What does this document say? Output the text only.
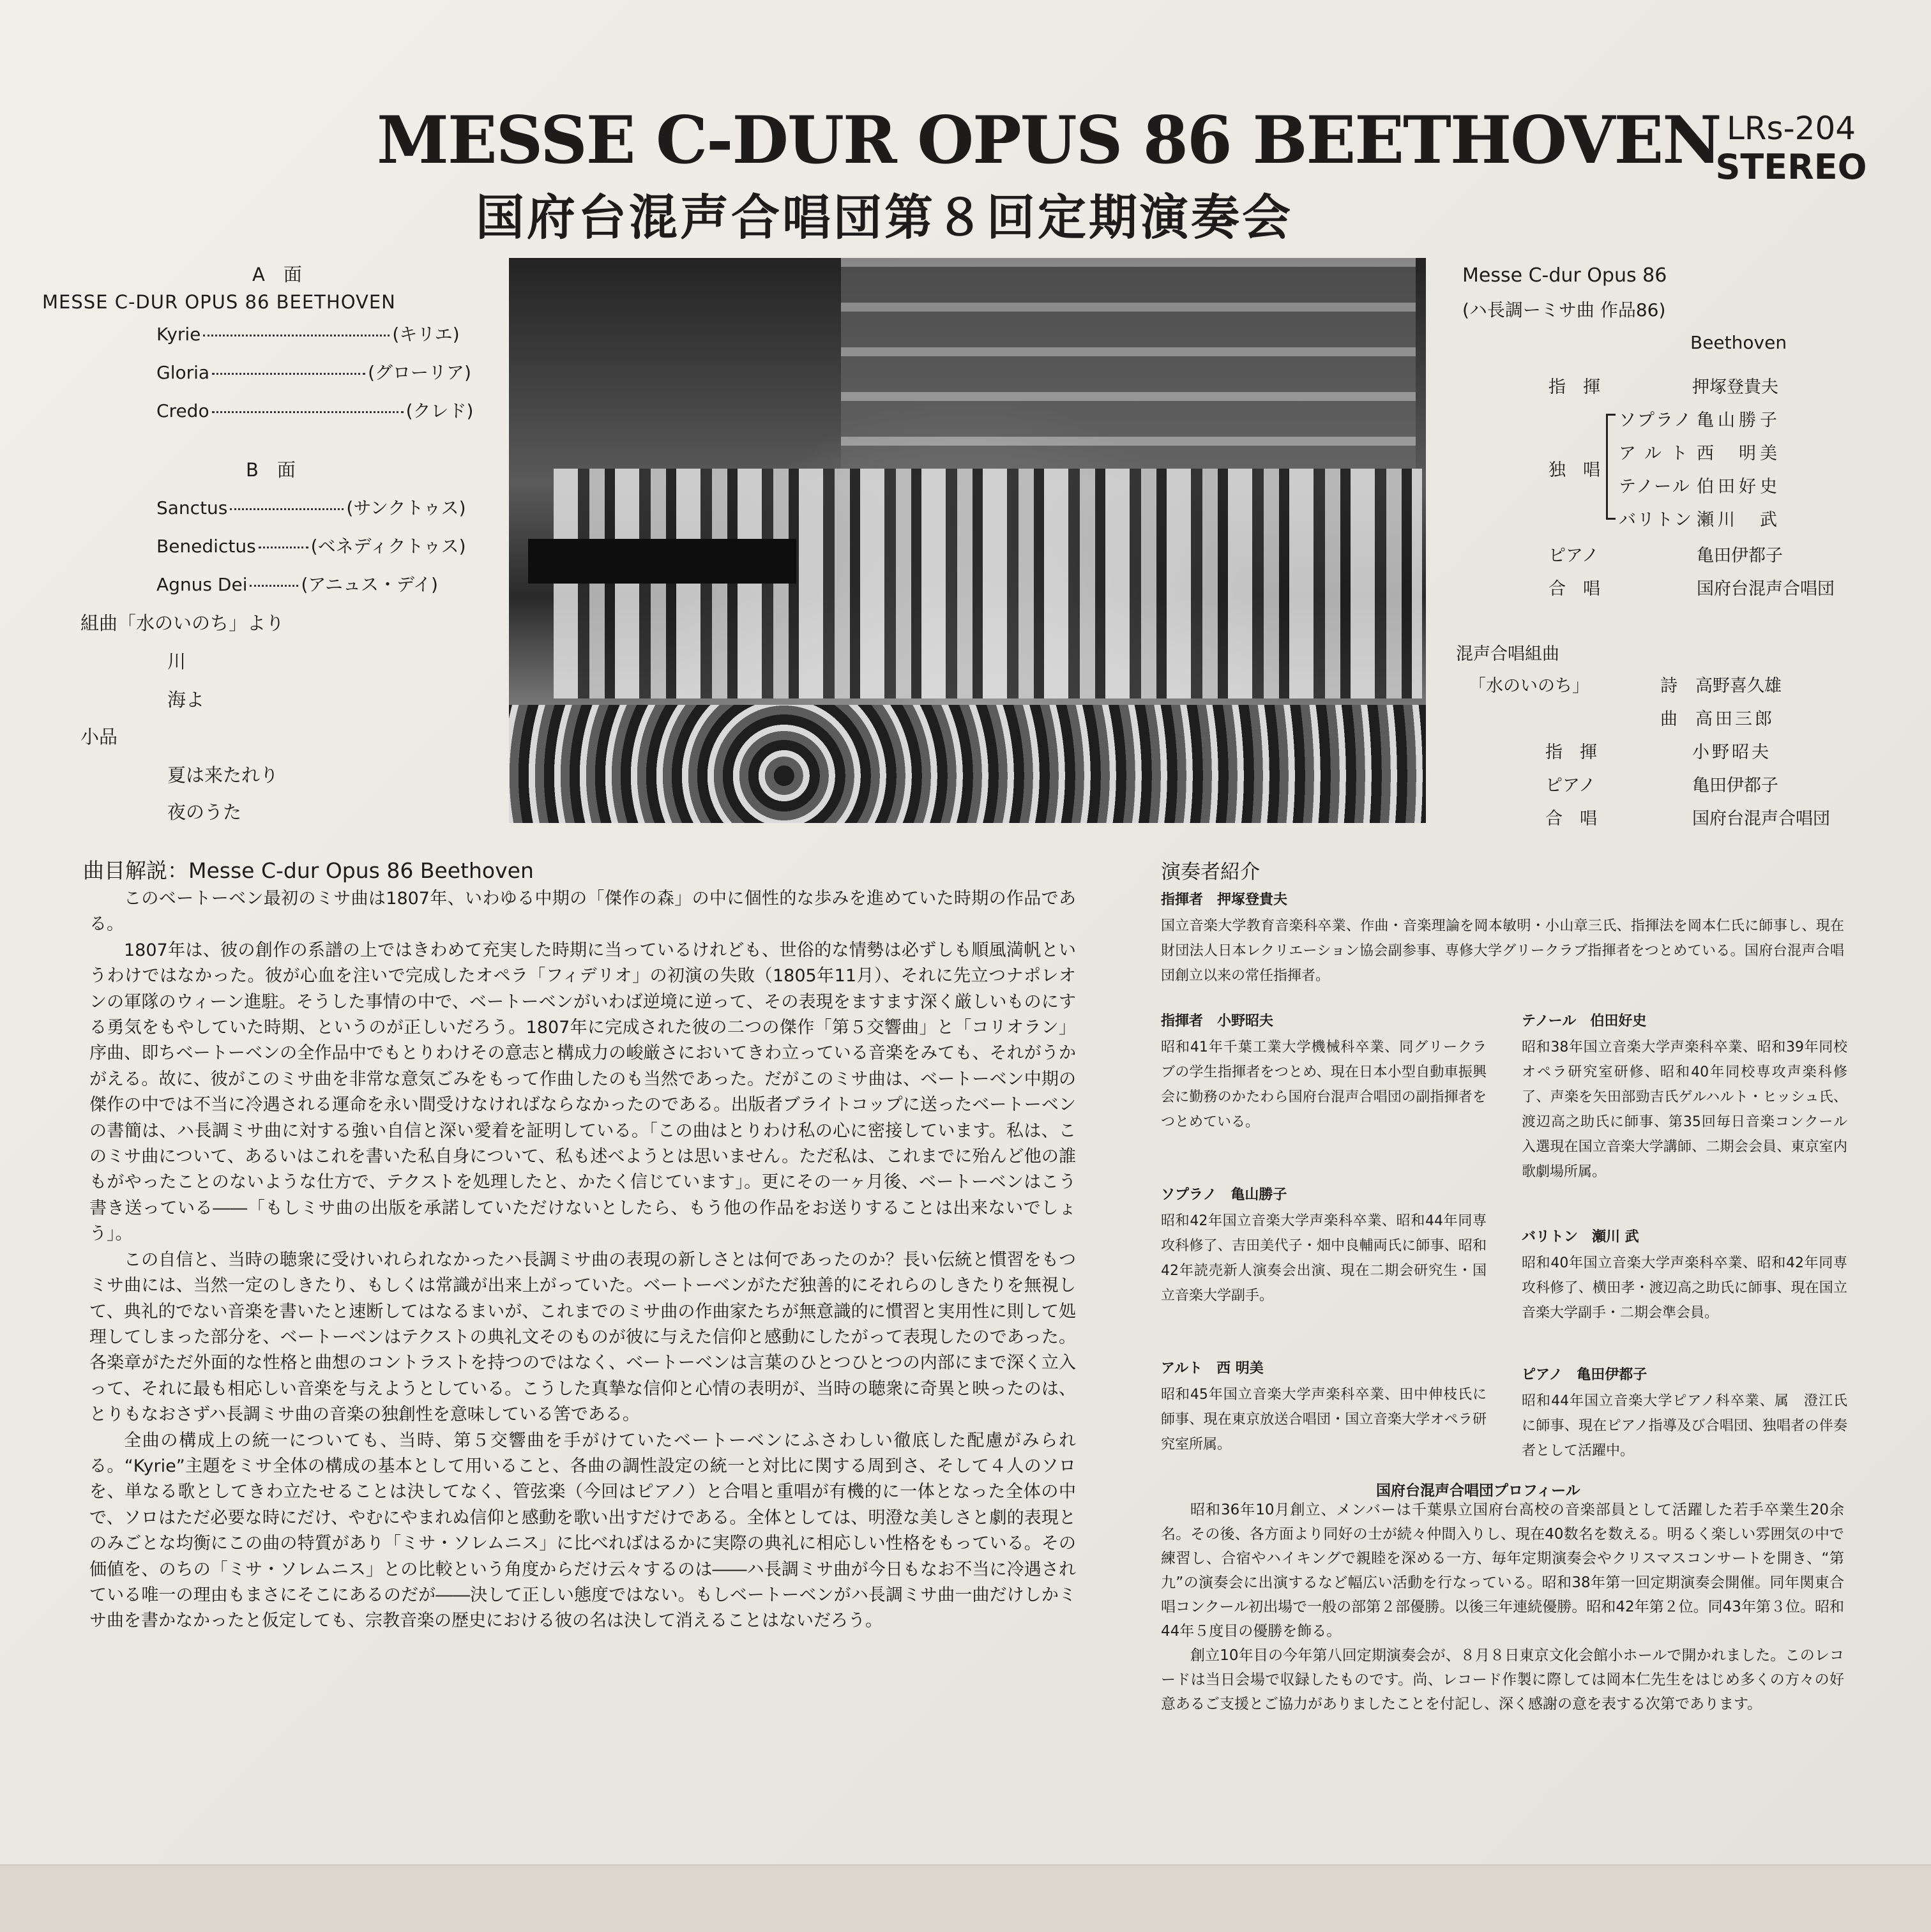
MESSE C-DUR OPUS 86 BEETHOVEN
国府台混声合唱団第８回定期演奏会
LRs-204
STEREO
A　面
MESSE C-DUR OPUS 86 BEETHOVEN
Kyrie	(キリエ)
Gloria	(グローリア)
Credo	(クレド)
B　面
Sanctus	(サンクトゥス)
Benedictus	(ベネディクトゥス)
Agnus Dei	(アニュス・デイ)
組曲「水のいのち」より
川
海よ
小品
夏は来たれり
夜のうた
Messe C-dur Opus 86
(ハ長調ーミサ曲 作品86)
Beethoven
指　揮	押塚登貴夫
独　唱
ソプラノ 亀山勝子
アルト 西　明美
テノール 伯田好史
バリトン 瀬川　武
ピアノ	亀田伊都子
合　唱	国府台混声合唱団
混声合唱組曲
「水のいのち」	詩 高野喜久雄
曲 高田三郎
指　揮	小野昭夫
ピアノ	亀田伊都子
合　唱	国府台混声合唱団
曲目解説：Messe C-dur Opus 86 Beethoven

このベートーベン最初のミサ曲は1807年、いわゆる中期の「傑作の森」の中に個性的な歩みを進めていた時期の作品である。

1807年は、彼の創作の系譜の上ではきわめて充実した時期に当っているけれども、世俗的な情勢は必ずしも順風満帆というわけではなかった。彼が心血を注いで完成したオペラ「フィデリオ」の初演の失敗（1805年11月）、それに先立つナポレオンの軍隊のウィーン進駐。そうした事情の中で、ベートーベンがいわば逆境に逆って、その表現をますます深く厳しいものにする勇気をもやしていた時期、というのが正しいだろう。1807年に完成された彼の二つの傑作「第５交響曲」と「コリオラン」序曲、即ちベートーベンの全作品中でもとりわけその意志と構成力の峻厳さにおいてきわ立っている音楽をみても、それがうかがえる。故に、彼がこのミサ曲を非常な意気ごみをもって作曲したのも当然であった。だがこのミサ曲は、ベートーベン中期の傑作の中では不当に冷遇される運命を永い間受けなければならなかったのである。出版者ブライトコップに送ったベートーベンの書簡は、ハ長調ミサ曲に対する強い自信と深い愛着を証明している。「この曲はとりわけ私の心に密接しています。私は、このミサ曲について、あるいはこれを書いた私自身について、私も述べようとは思いません。ただ私は、これまでに殆んど他の誰もがやったことのないような仕方で、テクストを処理したと、かたく信じています」。更にその一ヶ月後、ベートーベンはこう書き送っている――「もしミサ曲の出版を承諾していただけないとしたら、もう他の作品をお送りすることは出来ないでしょう」。

この自信と、当時の聴衆に受けいれられなかったハ長調ミサ曲の表現の新しさとは何であったのか？長い伝統と慣習をもつミサ曲には、当然一定のしきたり、もしくは常識が出来上がっていた。ベートーベンがただ独善的にそれらのしきたりを無視して、典礼的でない音楽を書いたと速断してはなるまいが、これまでのミサ曲の作曲家たちが無意識的に慣習と実用性に則して処理してしまった部分を、ベートーベンはテクストの典礼文そのものが彼に与えた信仰と感動にしたがって表現したのであった。各楽章がただ外面的な性格と曲想のコントラストを持つのではなく、ベートーベンは言葉のひとつひとつの内部にまで深く立入って、それに最も相応しい音楽を与えようとしている。こうした真摯な信仰と心情の表明が、当時の聴衆に奇異と映ったのは、とりもなおさずハ長調ミサ曲の音楽の独創性を意味している筈である。

全曲の構成上の統一についても、当時、第５交響曲を手がけていたベートーベンにふさわしい徹底した配慮がみられる。“Kyrie”主題をミサ全体の構成の基本として用いること、各曲の調性設定の統一と対比に関する周到さ、そして４人のソロを、単なる歌としてきわ立たせることは決してなく、管弦楽（今回はピアノ）と合唱と重唱が有機的に一体となった全体の中で、ソロはただ必要な時にだけ、やむにやまれぬ信仰と感動を歌い出すだけである。全体としては、明澄な美しさと劇的表現とのみごとな均衡にこの曲の特質があり「ミサ・ソレムニス」に比べればはるかに実際の典礼に相応しい性格をもっている。その価値を、のちの「ミサ・ソレムニス」との比較という角度からだけ云々するのは――ハ長調ミサ曲が今日もなお不当に冷遇されている唯一の理由もまさにそこにあるのだが――決して正しい態度ではない。もしベートーベンがハ長調ミサ曲一曲だけしかミサ曲を書かなかったと仮定しても、宗教音楽の歴史における彼の名は決して消えることはないだろう。

演奏者紹介
指揮者　押塚登貴夫
国立音楽大学教育音楽科卒業、作曲・音楽理論を岡本敏明・小山章三氏、指揮法を岡本仁氏に師事し、現在財団法人日本レクリエーション協会副参事、専修大学グリークラブ指揮者をつとめている。国府台混声合唱団創立以来の常任指揮者。
指揮者　小野昭夫
昭和41年千葉工業大学機械科卒業、同グリークラブの学生指揮者をつとめ、現在日本小型自動車振興会に勤務のかたわら国府台混声合唱団の副指揮者をつとめている。
テノール　伯田好史
昭和38年国立音楽大学声楽科卒業、昭和39年同校オペラ研究室研修、昭和40年同校専攻声楽科修了、声楽を矢田部勁吉氏ゲルハルト・ヒッシュ氏、渡辺高之助氏に師事、第35回毎日音楽コンクール入選現在国立音楽大学講師、二期会会員、東京室内歌劇場所属。
ソプラノ　亀山勝子
昭和42年国立音楽大学声楽科卒業、昭和44年同専攻科修了、吉田美代子・畑中良輔両氏に師事、昭和42年読売新人演奏会出演、現在二期会研究生・国立音楽大学副手。
バリトン　瀬川 武
昭和40年国立音楽大学声楽科卒業、昭和42年同専攻科修了、横田孝・渡辺高之助氏に師事、現在国立音楽大学副手・二期会準会員。
アルト　西 明美
昭和45年国立音楽大学声楽科卒業、田中伸枝氏に師事、現在東京放送合唱団・国立音楽大学オペラ研究室所属。
ピアノ　亀田伊都子
昭和44年国立音楽大学ピアノ科卒業、属　澄江氏に師事、現在ピアノ指導及び合唱団、独唱者の伴奏者として活躍中。
国府台混声合唱団プロフィール

昭和36年10月創立、メンバーは千葉県立国府台高校の音楽部員として活躍した若手卒業生20余名。その後、各方面より同好の士が続々仲間入りし、現在40数名を数える。明るく楽しい雰囲気の中で練習し、合宿やハイキングで親睦を深める一方、毎年定期演奏会やクリスマスコンサートを開き、“第九”の演奏会に出演するなど幅広い活動を行なっている。昭和38年第一回定期演奏会開催。同年関東合唱コンクール初出場で一般の部第２部優勝。以後三年連続優勝。昭和42年第２位。同43年第３位。昭和44年５度目の優勝を飾る。

創立10年目の今年第八回定期演奏会が、８月８日東京文化会館小ホールで開かれました。このレコードは当日会場で収録したものです。尚、レコード作製に際しては岡本仁先生をはじめ多くの方々の好意あるご支援とご協力がありましたことを付記し、深く感謝の意を表する次第であります。
